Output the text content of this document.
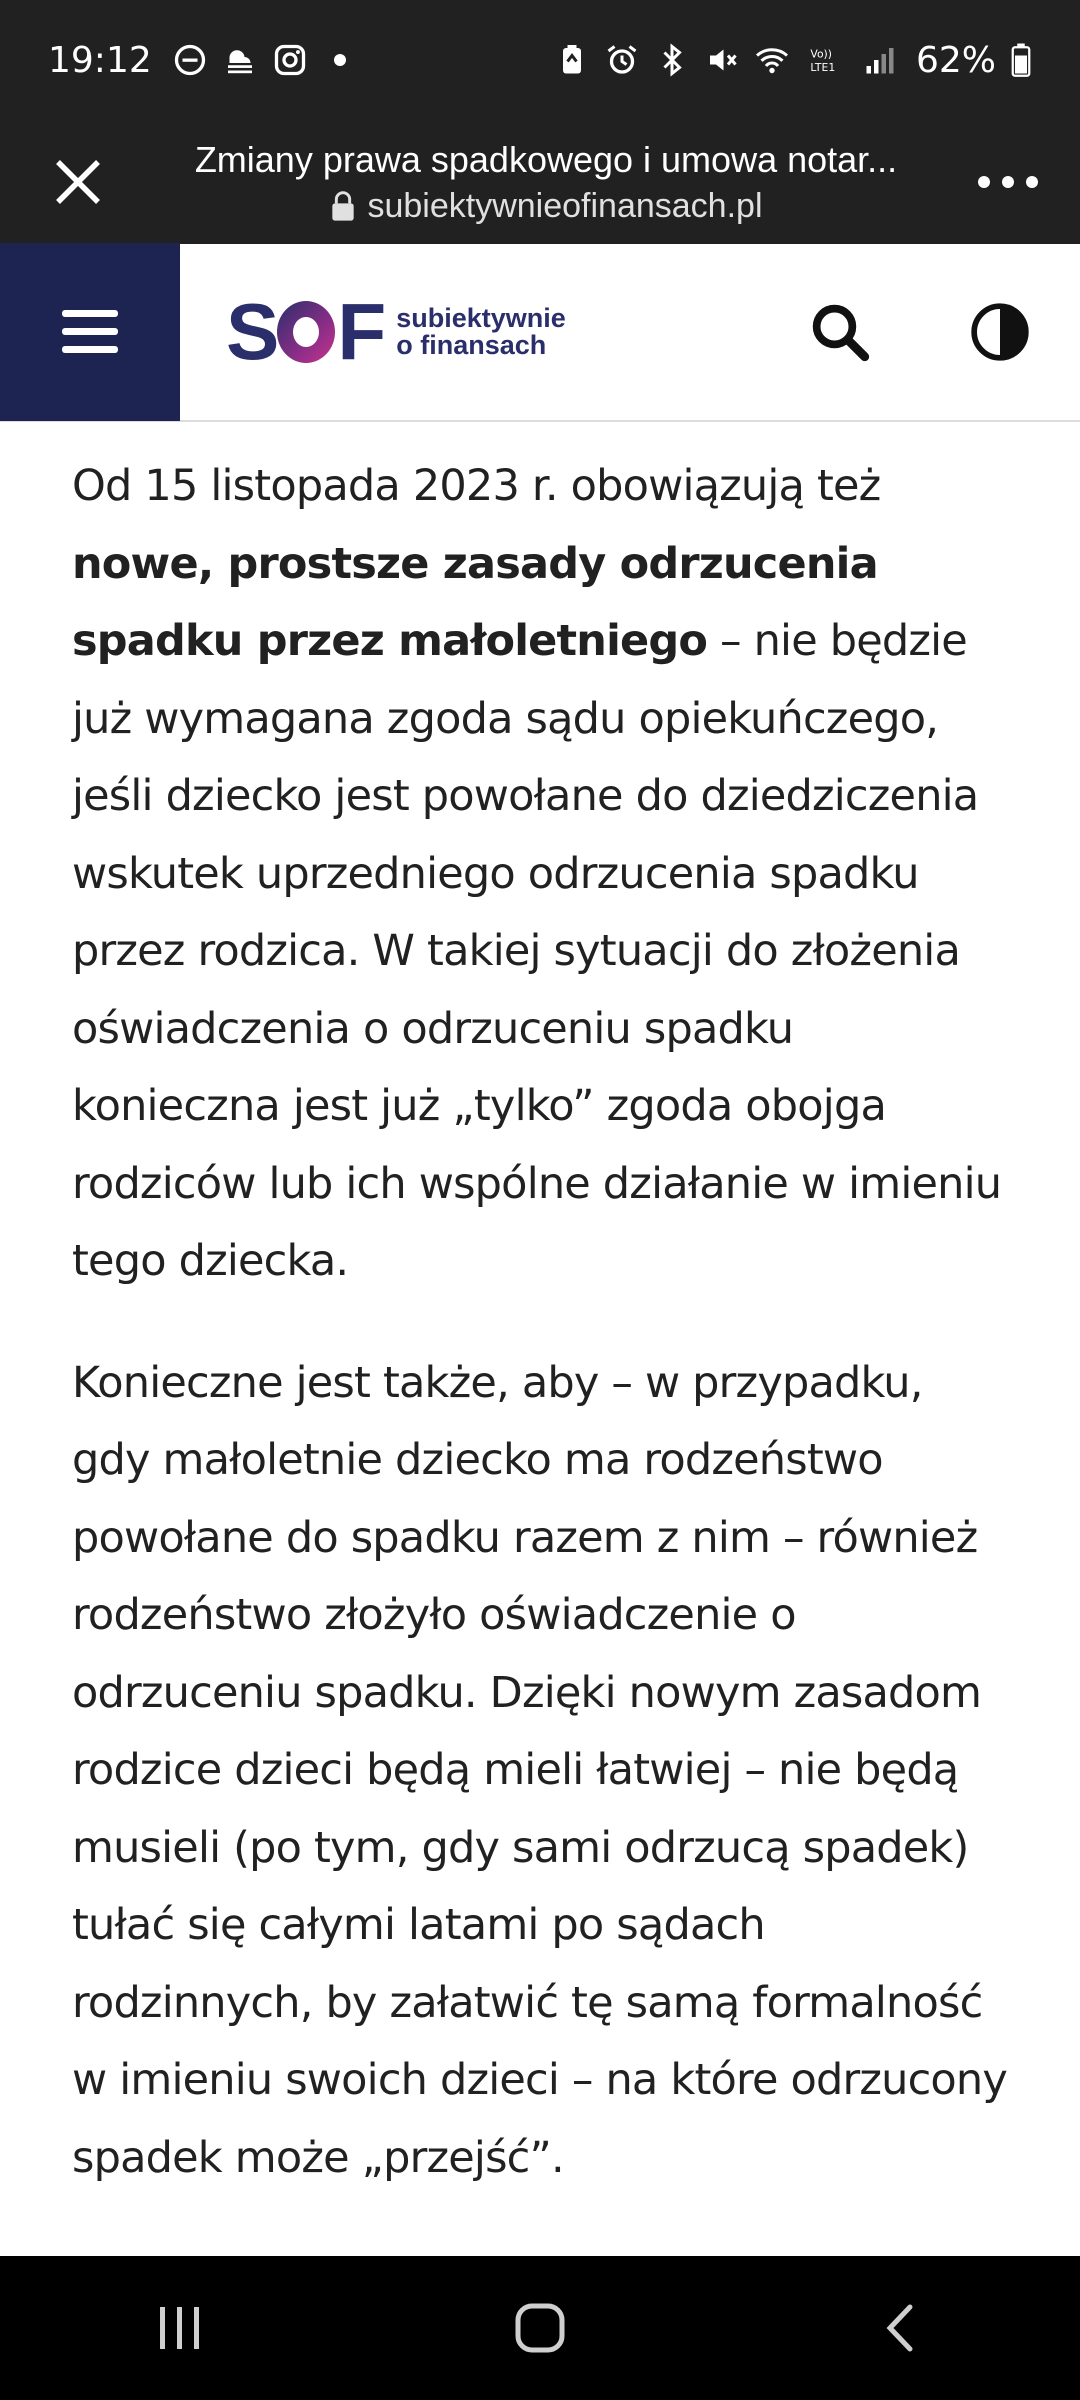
19:12	Vo))
LTE1 62%
Zmiany prawa spadkowego i umowa notar...
subiektywnieofinansach.pl
S F subiektywnie
o finansach

Od 15 listopada 2023 r. obowiązują też nowe, prostsze zasady odrzucenia spadku przez małoletniego – nie będzie już wymagana zgoda sądu opiekuńczego, jeśli dziecko jest powołane do dziedziczenia wskutek uprzedniego odrzucenia spadku przez rodzica. W takiej sytuacji do złożenia oświadczenia o odrzuceniu spadku konieczna jest już „tylko” zgoda obojga rodziców lub ich wspólne działanie w imieniu tego dziecka.

Konieczne jest także, aby – w przypadku, gdy małoletnie dziecko ma rodzeństwo powołane do spadku razem z nim – również rodzeństwo złożyło oświadczenie o odrzuceniu spadku. Dzięki nowym zasadom rodzice dzieci będą mieli łatwiej – nie będą musieli (po tym, gdy sami odrzucą spadek) tułać się całymi latami po sądach rodzinnych, by załatwić tę samą formalność w imieniu swoich dzieci – na które odrzucony spadek może „przejść”.
